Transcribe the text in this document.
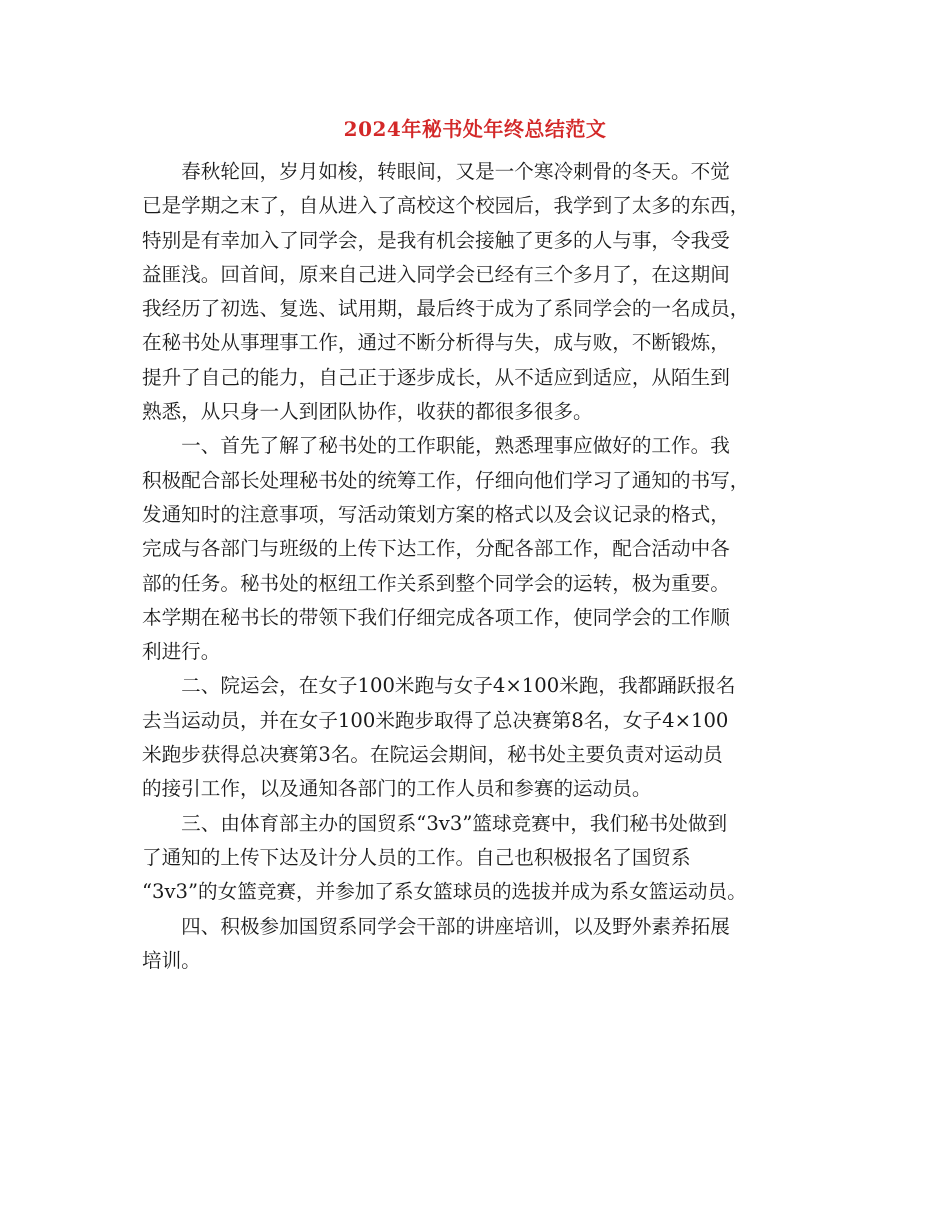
2024年秘书处年终总结范文
　　春秋轮回，岁月如梭，转眼间，又是一个寒冷刺骨的冬天。不觉
已是学期之末了，自从进入了高校这个校园后，我学到了太多的东西，
特别是有幸加入了同学会，是我有机会接触了更多的人与事，令我受
益匪浅。回首间，原来自己进入同学会已经有三个多月了，在这期间
我经历了初选、复选、试用期，最后终于成为了系同学会的一名成员，
在秘书处从事理事工作，通过不断分析得与失，成与败，不断锻炼，
提升了自己的能力，自己正于逐步成长，从不适应到适应，从陌生到
熟悉，从只身一人到团队协作，收获的都很多很多。
　　一、首先了解了秘书处的工作职能，熟悉理事应做好的工作。我
积极配合部长处理秘书处的统筹工作，仔细向他们学习了通知的书写，
发通知时的注意事项，写活动策划方案的格式以及会议记录的格式，
完成与各部门与班级的上传下达工作，分配各部工作，配合活动中各
部的任务。秘书处的枢纽工作关系到整个同学会的运转，极为重要。
本学期在秘书长的带领下我们仔细完成各项工作，使同学会的工作顺
利进行。
　　二、院运会，在女子100米跑与女子4×100米跑，我都踊跃报名
去当运动员，并在女子100米跑步取得了总决赛第8名，女子4×100
米跑步获得总决赛第3名。在院运会期间，秘书处主要负责对运动员
的接引工作，以及通知各部门的工作人员和参赛的运动员。
　　三、由体育部主办的国贸系“3v3”篮球竞赛中，我们秘书处做到
了通知的上传下达及计分人员的工作。自己也积极报名了国贸系
“3v3”的女篮竞赛，并参加了系女篮球员的选拔并成为系女篮运动员。
　　四、积极参加国贸系同学会干部的讲座培训，以及野外素养拓展
培训。
